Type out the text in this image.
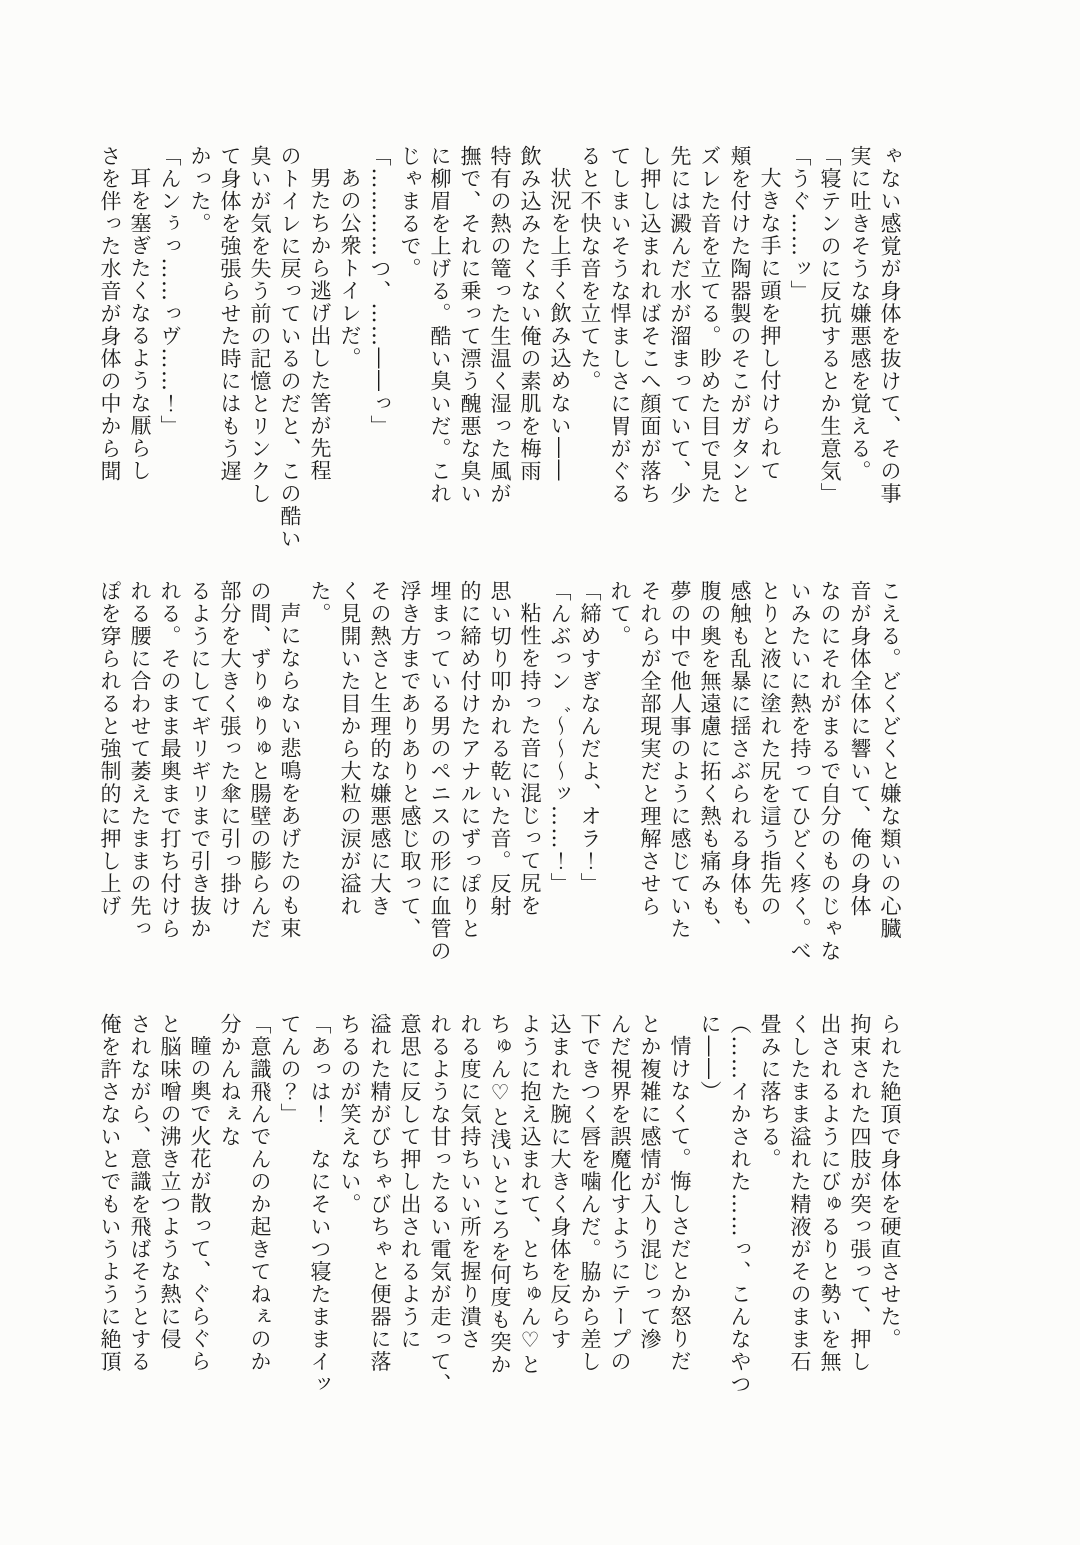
ゃない感覚が身体を抜けて、その事

実に吐きそうな嫌悪感を覚える。

「寝テンのに反抗するとか生意気」

「うぐ……ッ」

大きな手に頭を押し付けられて

頬を付けた陶器製のそこがガタンと

ズレた音を立てる。眇めた目で見た

先には澱んだ水が溜まっていて、少

し押し込まれればそこへ顔面が落ち

てしまいそうな悍ましさに胃がぐる

ると不快な音を立てた。

状況を上手く飲み込めない――

飲み込みたくない俺の素肌を梅雨

特有の熱の篭った生温く湿った風が

撫で、それに乗って漂う醜悪な臭い

に柳眉を上げる。酷い臭いだ。これ

じゃまるで。

「…………つ、……――っ」

あの公衆トイレだ。

男たちから逃げ出した筈が先程

のトイレに戻っているのだと、この酷い

臭いが気を失う前の記憶とリンクし

て身体を強張らせた時にはもう遅

かった。

「んンぅっ……っヴ……！」

耳を塞ぎたくなるような厭らし

さを伴った水音が身体の中から聞

こえる。どくどくと嫌な類いの心臓

音が身体全体に響いて、俺の身体

なのにそれがまるで自分のものじゃな

いみたいに熱を持ってひどく疼く。べ

とりと液に塗れた尻を這う指先の

感触も乱暴に揺さぶられる身体も、

腹の奥を無遠慮に拓く熱も痛みも、

夢の中で他人事のように感じていた

それらが全部現実だと理解させら

れて。

「締めすぎなんだよ、オラ！」

「んぶっン゛～～～ッ……！」

粘性を持った音に混じって尻を

思い切り叩かれる乾いた音。反射

的に締め付けたアナルにずっぽりと

埋まっている男のペニスの形に血管の

浮き方までありありと感じ取って、

その熱さと生理的な嫌悪感に大き

く見開いた目から大粒の涙が溢れ

た。

声にならない悲鳴をあげたのも束

の間、ずりゅりゅと腸壁の膨らんだ

部分を大きく張った傘に引っ掛け

るようにしてギリギリまで引き抜か

れる。そのまま最奥まで打ち付けら

れる腰に合わせて萎えたままの先っ

ぽを穿られると強制的に押し上げ

られた絶頂で身体を硬直させた。

拘束された四肢が突っ張って、押し

出されるようにびゅるりと勢いを無

くしたまま溢れた精液がそのまま石

畳みに落ちる。

（……イかされた……っ、こんなやつ

に――）

情けなくて。悔しさだとか怒りだ

とか複雑に感情が入り混じって滲

んだ視界を誤魔化すようにテープの

下できつく唇を噛んだ。脇から差し

込まれた腕に大きく身体を反らす

ように抱え込まれて、とちゅん♡と

ちゅん♡と浅いところを何度も突か

れる度に気持ちいい所を握り潰さ

れるような甘ったるい電気が走って、

意思に反して押し出されるように

溢れた精がびちゃびちゃと便器に落

ちるのが笑えない。

「あっは！　なにそいつ寝たままイッ

てんの？」

「意識飛んでんのか起きてねぇのか

分かんねぇな

瞳の奥で火花が散って、ぐらぐら

と脳味噌の沸き立つような熱に侵

されながら、意識を飛ばそうとする

俺を許さないとでもいうように絶頂
